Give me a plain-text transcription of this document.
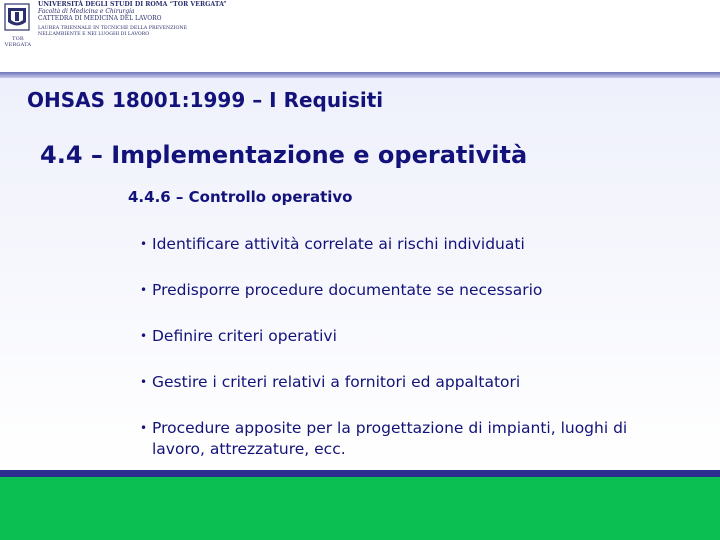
TOR VERGATA
UNIVERSITÀ DEGLI STUDI DI ROMA “TOR VERGATA”
Facoltà di Medicina e Chirurgia
CATTEDRA DI MEDICINA DEL LAVORO
LAUREA TRIENNALE IN TECNICHE DELLA PREVENZIONE
NELL’AMBIENTE E NEI LUOGHI DI LAVORO
OHSAS 18001:1999 – I Requisiti
4.4 – Implementazione e operatività
4.4.6 – Controllo operativo
• Identificare attività correlate ai rischi individuati
• Predisporre procedure documentate se necessario
• Definire criteri operativi
• Gestire i criteri relativi a fornitori ed appaltatori
• Procedure apposite per la progettazione di impianti, luoghi di lavoro, attrezzature, ecc.
